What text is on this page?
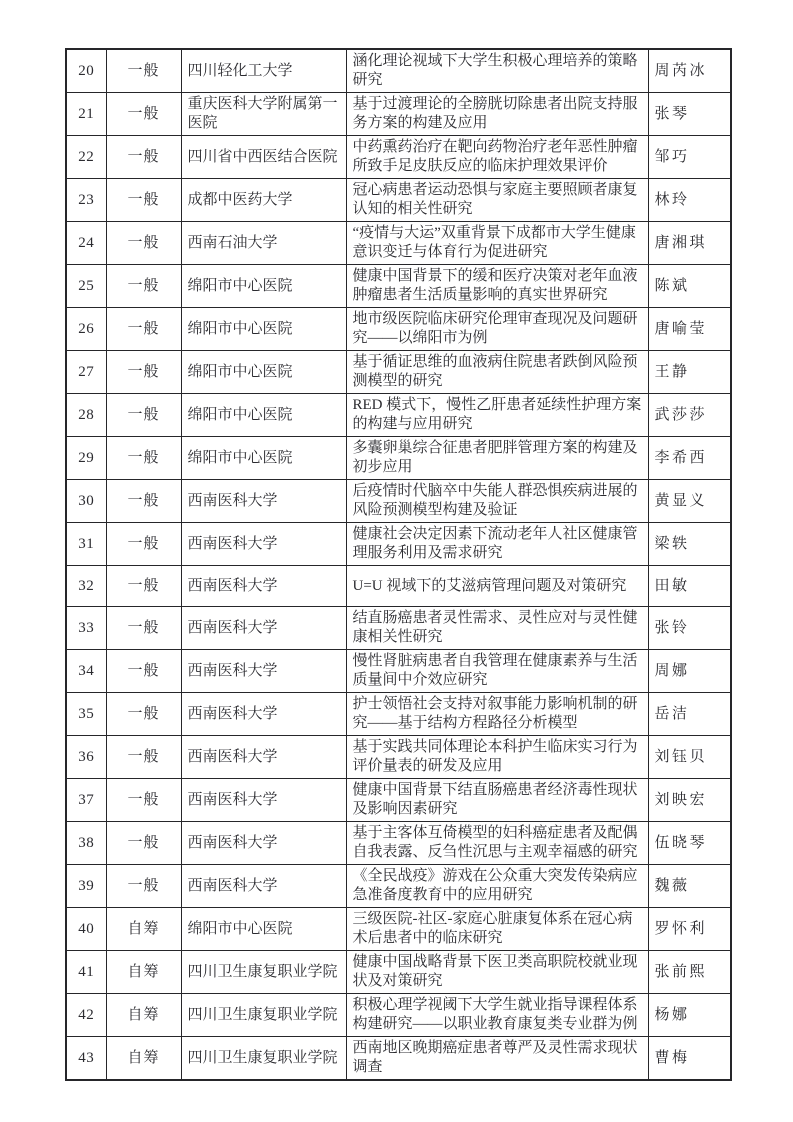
20	一般	四川轻化工大学	涵化理论视域下大学生积极心理培养的策略研究	周芮冰
21	一般	重庆医科大学附属第一医院	基于过渡理论的全膀胱切除患者出院支持服务方案的构建及应用	张琴
22	一般	四川省中西医结合医院	中药熏药治疗在靶向药物治疗老年恶性肿瘤所致手足皮肤反应的临床护理效果评价	邹巧
23	一般	成都中医药大学	冠心病患者运动恐惧与家庭主要照顾者康复认知的相关性研究	林玲
24	一般	西南石油大学	“疫情与大运”双重背景下成都市大学生健康意识变迁与体育行为促进研究	唐湘琪
25	一般	绵阳市中心医院	健康中国背景下的缓和医疗决策对老年血液肿瘤患者生活质量影响的真实世界研究	陈斌
26	一般	绵阳市中心医院	地市级医院临床研究伦理审查现况及问题研究——以绵阳市为例	唐喻莹
27	一般	绵阳市中心医院	基于循证思维的血液病住院患者跌倒风险预测模型的研究	王静
28	一般	绵阳市中心医院	RED 模式下，慢性乙肝患者延续性护理方案的构建与应用研究	武莎莎
29	一般	绵阳市中心医院	多囊卵巢综合征患者肥胖管理方案的构建及初步应用	李希西
30	一般	西南医科大学	后疫情时代脑卒中失能人群恐惧疾病进展的风险预测模型构建及验证	黄显义
31	一般	西南医科大学	健康社会决定因素下流动老年人社区健康管理服务利用及需求研究	梁轶
32	一般	西南医科大学	U=U 视域下的艾滋病管理问题及对策研究	田敏
33	一般	西南医科大学	结直肠癌患者灵性需求、灵性应对与灵性健康相关性研究	张铃
34	一般	西南医科大学	慢性肾脏病患者自我管理在健康素养与生活质量间中介效应研究	周娜
35	一般	西南医科大学	护士领悟社会支持对叙事能力影响机制的研究——基于结构方程路径分析模型	岳洁
36	一般	西南医科大学	基于实践共同体理论本科护生临床实习行为评价量表的研发及应用	刘钰贝
37	一般	西南医科大学	健康中国背景下结直肠癌患者经济毒性现状及影响因素研究	刘映宏
38	一般	西南医科大学	基于主客体互倚模型的妇科癌症患者及配偶自我表露、反刍性沉思与主观幸福感的研究	伍晓琴
39	一般	西南医科大学	《全民战疫》游戏在公众重大突发传染病应急准备度教育中的应用研究	魏薇
40	自筹	绵阳市中心医院	三级医院-社区-家庭心脏康复体系在冠心病术后患者中的临床研究	罗怀利
41	自筹	四川卫生康复职业学院	健康中国战略背景下医卫类高职院校就业现状及对策研究	张前熙
42	自筹	四川卫生康复职业学院	积极心理学视阈下大学生就业指导课程体系构建研究——以职业教育康复类专业群为例	杨娜
43	自筹	四川卫生康复职业学院	西南地区晚期癌症患者尊严及灵性需求现状调查	曹梅
